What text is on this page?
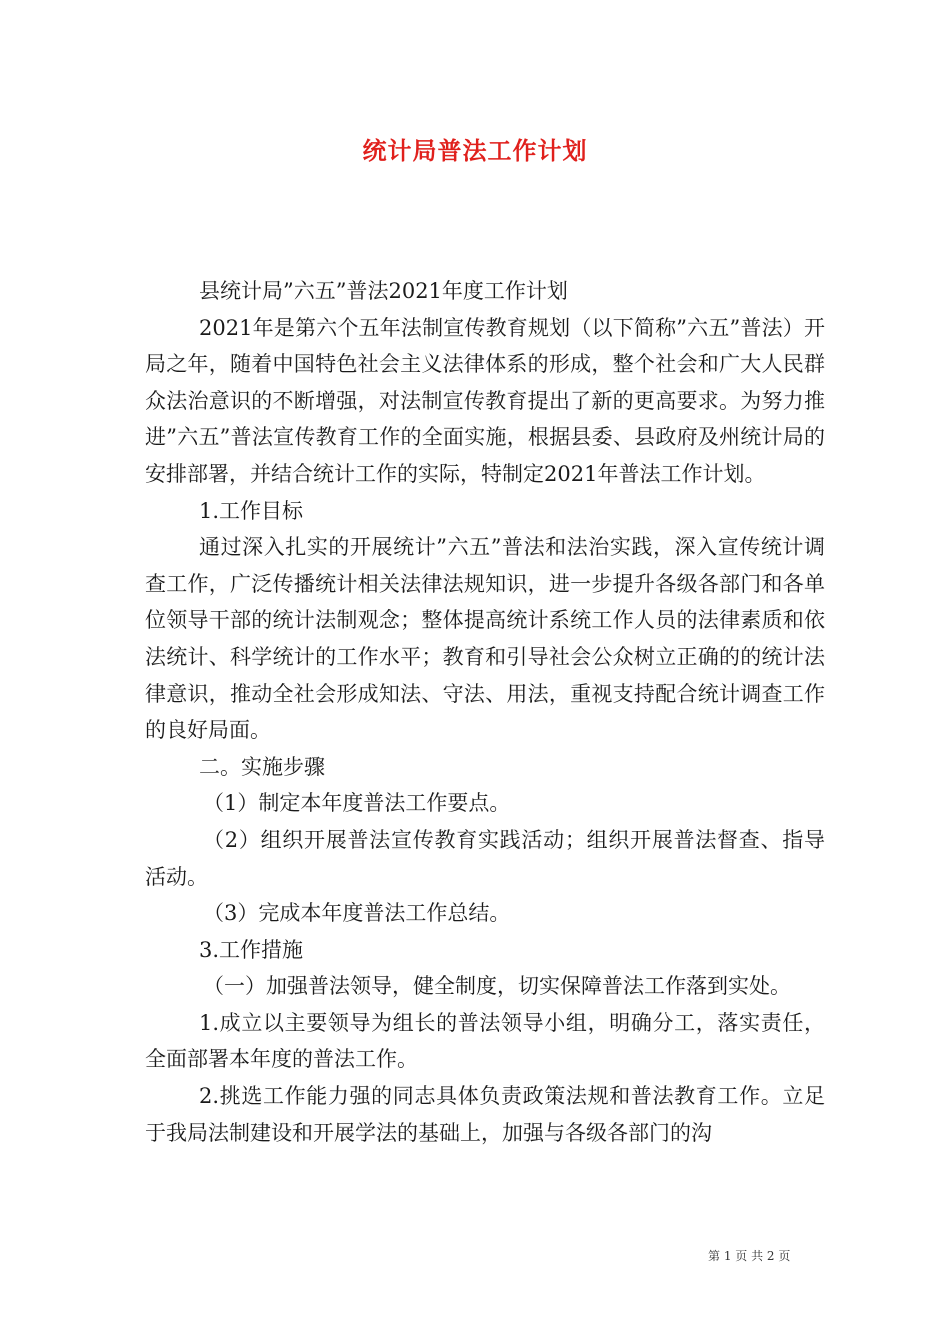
统计局普法工作计划

县统计局”六五”普法2021年度工作计划

2021年是第六个五年法制宣传教育规划（以下简称”六五”普法）开局之年，随着中国特色社会主义法律体系的形成，整个社会和广大人民群众法治意识的不断增强，对法制宣传教育提出了新的更高要求。为努力推进”六五”普法宣传教育工作的全面实施，根据县委、县政府及州统计局的安排部署，并结合统计工作的实际，特制定2021年普法工作计划。

1.工作目标

通过深入扎实的开展统计”六五”普法和法治实践，深入宣传统计调查工作，广泛传播统计相关法律法规知识，进一步提升各级各部门和各单位领导干部的统计法制观念；整体提高统计系统工作人员的法律素质和依法统计、科学统计的工作水平；教育和引导社会公众树立正确的的统计法律意识，推动全社会形成知法、守法、用法，重视支持配合统计调查工作的良好局面。

二。实施步骤

（1）制定本年度普法工作要点。

（2）组织开展普法宣传教育实践活动；组织开展普法督查、指导活动。

（3）完成本年度普法工作总结。

3.工作措施

（一）加强普法领导，健全制度，切实保障普法工作落到实处。

1.成立以主要领导为组长的普法领导小组，明确分工，落实责任，全面部署本年度的普法工作。

2.挑选工作能力强的同志具体负责政策法规和普法教育工作。立足于我局法制建设和开展学法的基础上，加强与各级各部门的沟

第 1 页 共 2 页
